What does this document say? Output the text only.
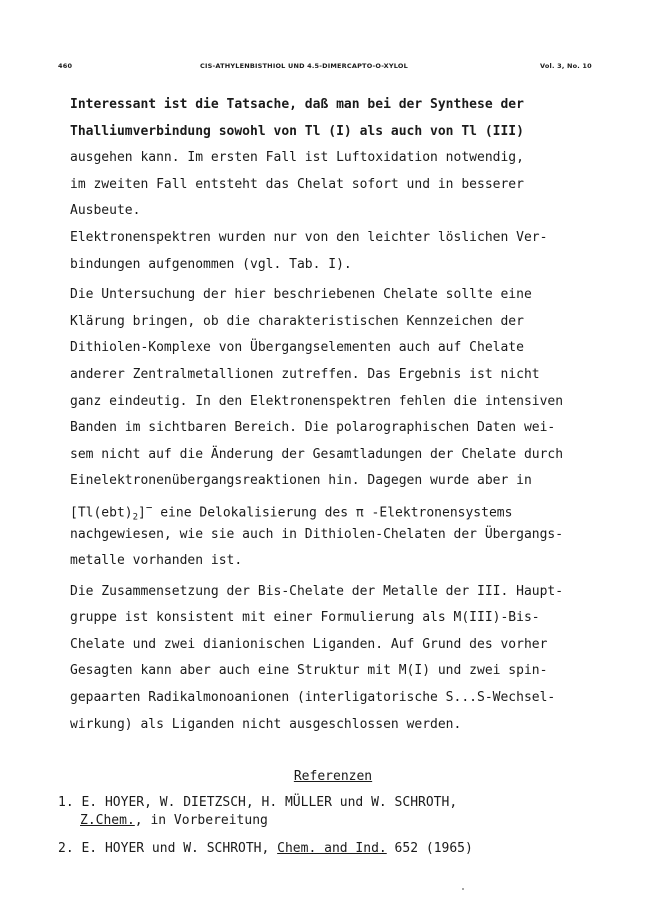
460	CIS-ATHYLENBISTHIOL UND 4.5-DIMERCAPTO-O-XYLOL	Vol. 3, No. 10
Interessant ist die Tatsache, daß man bei der Synthese der
Thalliumverbindung sowohl von Tl (I) als auch von Tl (III)
ausgehen kann. Im ersten Fall ist Luftoxidation notwendig,
im zweiten Fall entsteht das Chelat sofort und in besserer
Ausbeute.
Elektronenspektren wurden nur von den leichter löslichen Ver-
bindungen aufgenommen (vgl. Tab. I).
Die Untersuchung der hier beschriebenen Chelate sollte eine
Klärung bringen, ob die charakteristischen Kennzeichen der
Dithiolen-Komplexe von Übergangselementen auch auf Chelate
anderer Zentralmetallionen zutreffen. Das Ergebnis ist nicht
ganz eindeutig. In den Elektronenspektren fehlen die intensiven
Banden im sichtbaren Bereich. Die polarographischen Daten wei-
sem nicht auf die Änderung der Gesamtladungen der Chelate durch
Einelektronenübergangsreaktionen hin. Dagegen wurde aber in
$[Tl(ebt)_2]^-$ eine Delokalisierung des π -Elektronensystems
nachgewiesen, wie sie auch in Dithiolen-Chelaten der Übergangs-
metalle vorhanden ist.
Die Zusammensetzung der Bis-Chelate der Metalle der III. Haupt-
gruppe ist konsistent mit einer Formulierung als M(III)-Bis-
Chelate und zwei dianionischen Liganden. Auf Grund des vorher
Gesagten kann aber auch eine Struktur mit M(I) und zwei spin-
gepaarten Radikalmonoanionen (interligatorische S...S-Wechsel-
wirkung) als Liganden nicht ausgeschlossen werden.
Referenzen
1. E. HOYER, W. DIETZSCH, H. MÜLLER und W. SCHROTH,
Z.Chem., in Vorbereitung
2. E. HOYER und W. SCHROTH, Chem. and Ind. 652 (1965)
